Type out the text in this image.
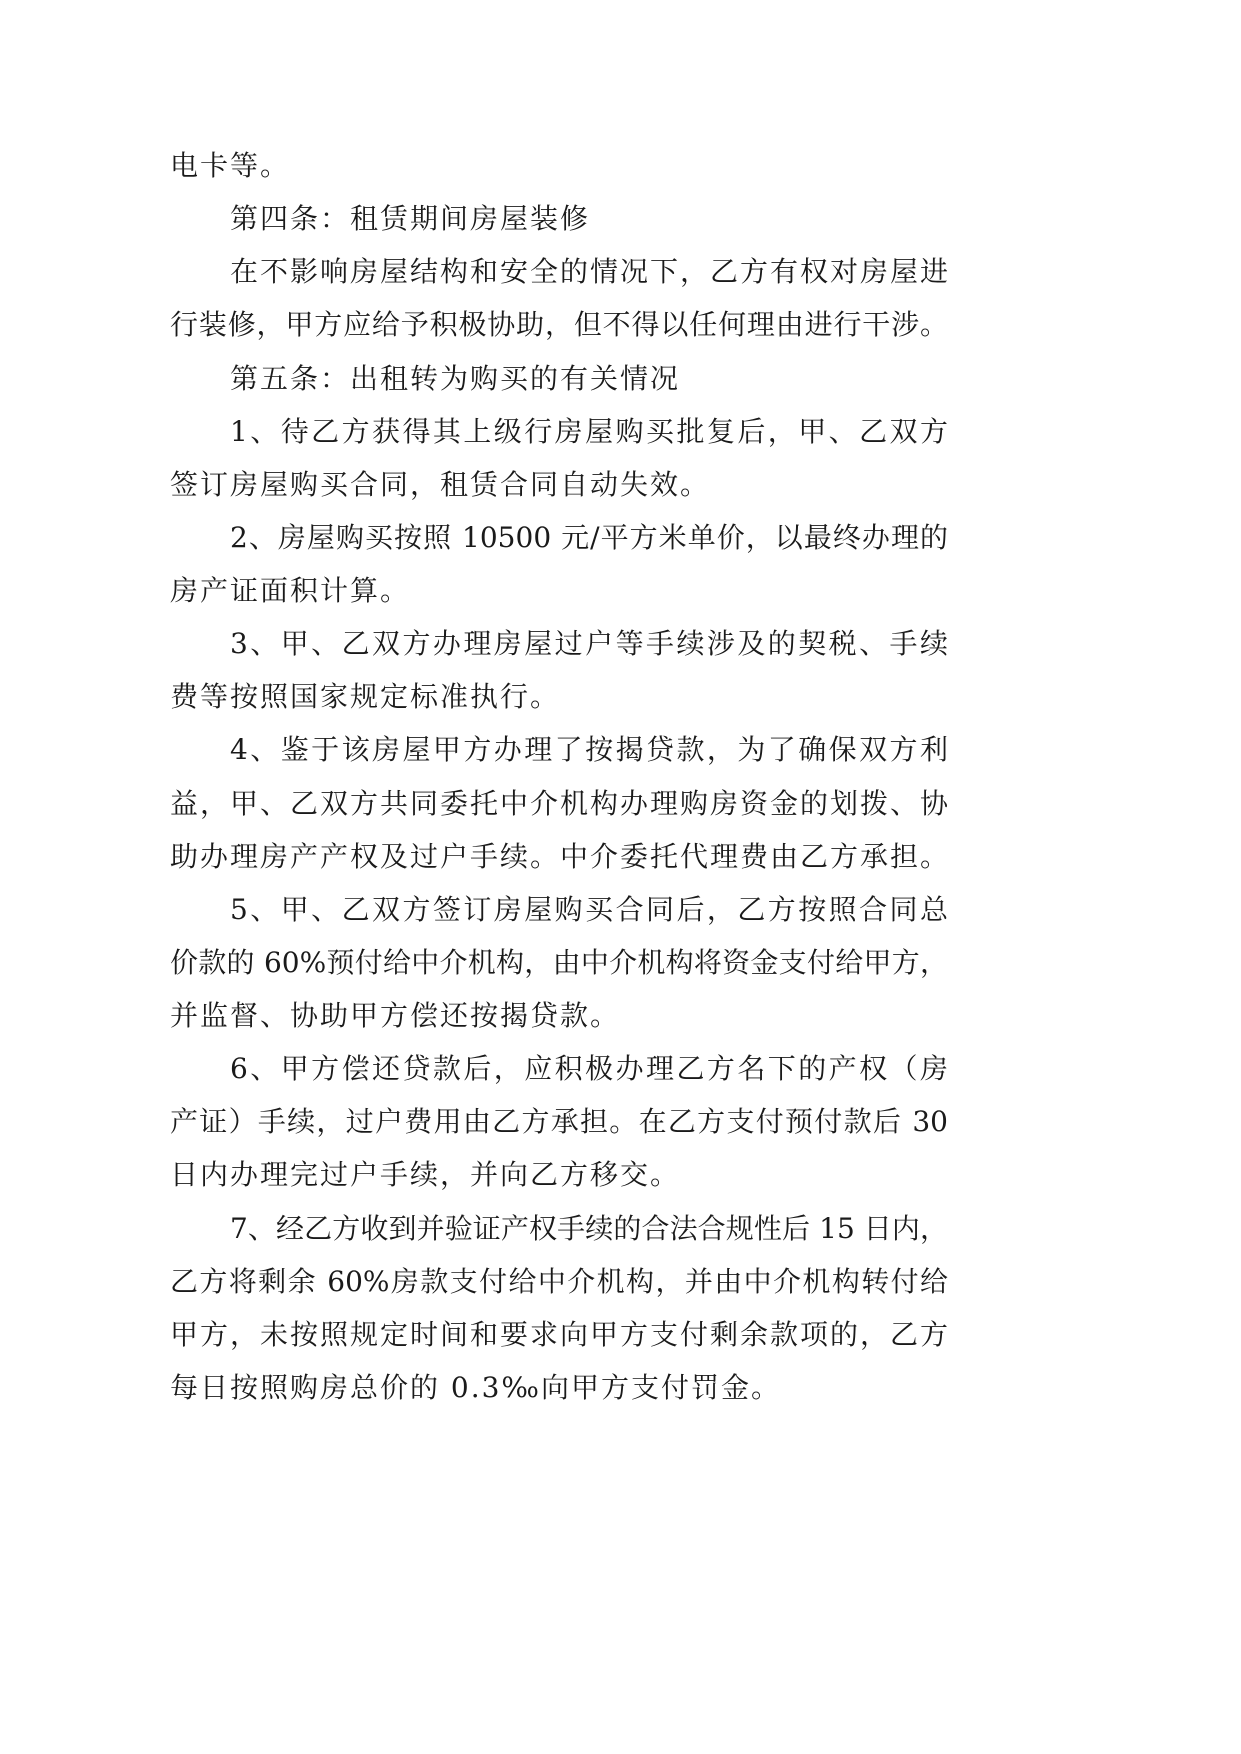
电卡等。
第四条：租赁期间房屋装修
在不影响房屋结构和安全的情况下，乙方有权对房屋进
行装修，甲方应给予积极协助，但不得以任何理由进行干涉。
第五条：出租转为购买的有关情况
1、待乙方获得其上级行房屋购买批复后，甲、乙双方
签订房屋购买合同，租赁合同自动失效。
2、房屋购买按照 10500 元/平方米单价，以最终办理的
房产证面积计算。
3、甲、乙双方办理房屋过户等手续涉及的契税、手续
费等按照国家规定标准执行。
4、鉴于该房屋甲方办理了按揭贷款，为了确保双方利
益，甲、乙双方共同委托中介机构办理购房资金的划拨、协
助办理房产产权及过户手续。中介委托代理费由乙方承担。
5、甲、乙双方签订房屋购买合同后，乙方按照合同总
价款的 60%预付给中介机构，由中介机构将资金支付给甲方，
并监督、协助甲方偿还按揭贷款。
6、甲方偿还贷款后，应积极办理乙方名下的产权（房
产证）手续，过户费用由乙方承担。在乙方支付预付款后 30
日内办理完过户手续，并向乙方移交。
7、经乙方收到并验证产权手续的合法合规性后 15 日内，
乙方将剩余 60%房款支付给中介机构，并由中介机构转付给
甲方，未按照规定时间和要求向甲方支付剩余款项的，乙方
每日按照购房总价的 0.3‰向甲方支付罚金。
